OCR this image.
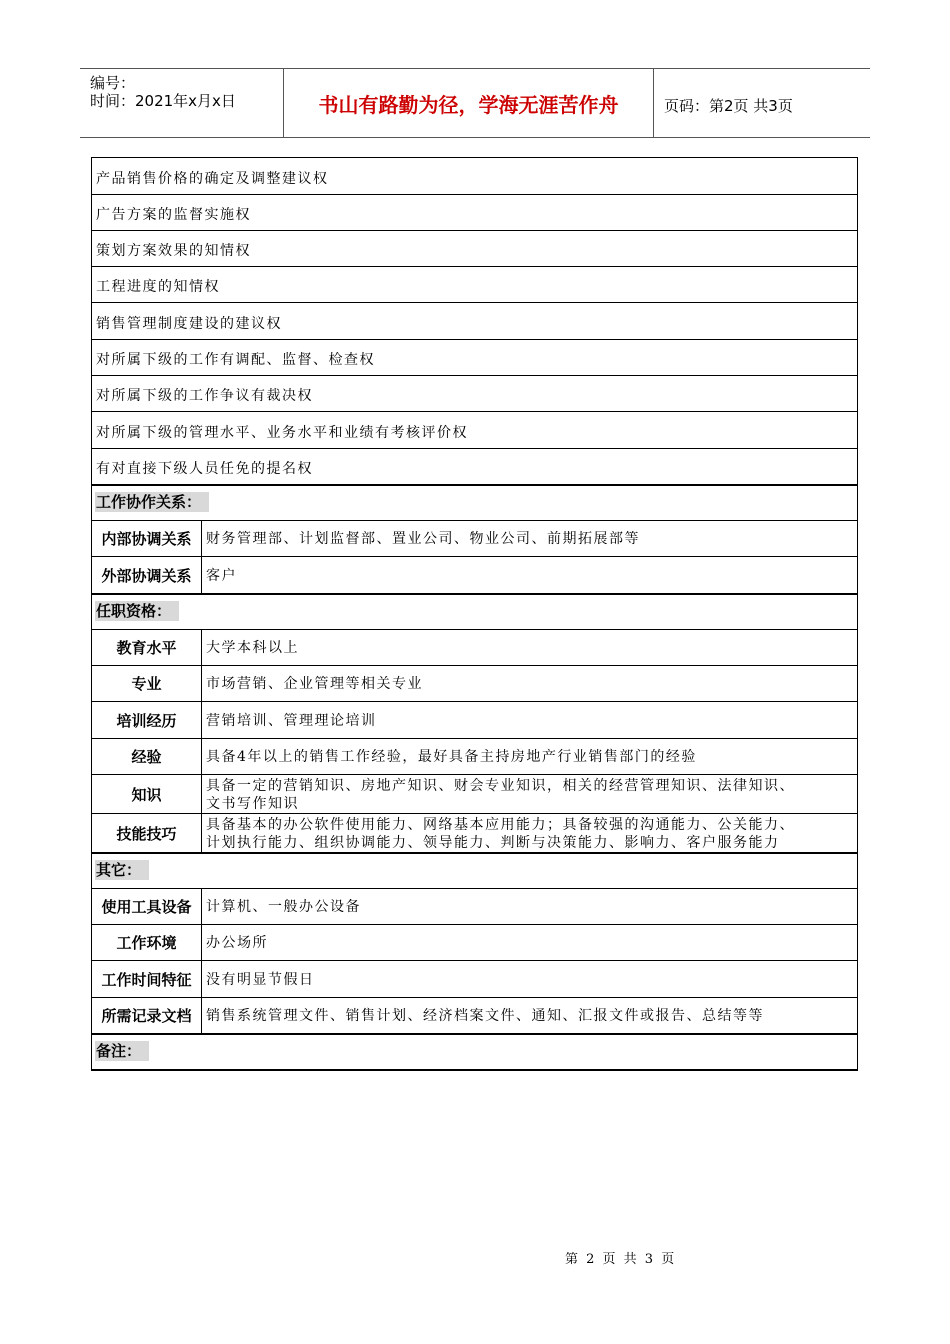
编号：
时间：2021年x月x日	书山有路勤为径，学海无涯苦作舟	页码：第2页 共3页
产品销售价格的确定及调整建议权
广告方案的监督实施权
策划方案效果的知情权
工程进度的知情权
销售管理制度建设的建议权
对所属下级的工作有调配、监督、检查权
对所属下级的工作争议有裁决权
对所属下级的管理水平、业务水平和业绩有考核评价权
有对直接下级人员任免的提名权
工作协作关系：
内部协调关系	财务管理部、计划监督部、置业公司、物业公司、前期拓展部等
外部协调关系	客户
任职资格：
教育水平	大学本科以上
专业	市场营销、企业管理等相关专业
培训经历	营销培训、管理理论培训
经验	具备4年以上的销售工作经验，最好具备主持房地产行业销售部门的经验
知识	具备一定的营销知识、房地产知识、财会专业知识，相关的经营管理知识、法律知识、
文书写作知识
技能技巧	具备基本的办公软件使用能力、网络基本应用能力；具备较强的沟通能力、公关能力、
计划执行能力、组织协调能力、领导能力、判断与决策能力、影响力、客户服务能力
其它：
使用工具设备	计算机、一般办公设备
工作环境	办公场所
工作时间特征	没有明显节假日
所需记录文档	销售系统管理文件、销售计划、经济档案文件、通知、汇报文件或报告、总结等等
备注：
第 2 页 共 3 页
